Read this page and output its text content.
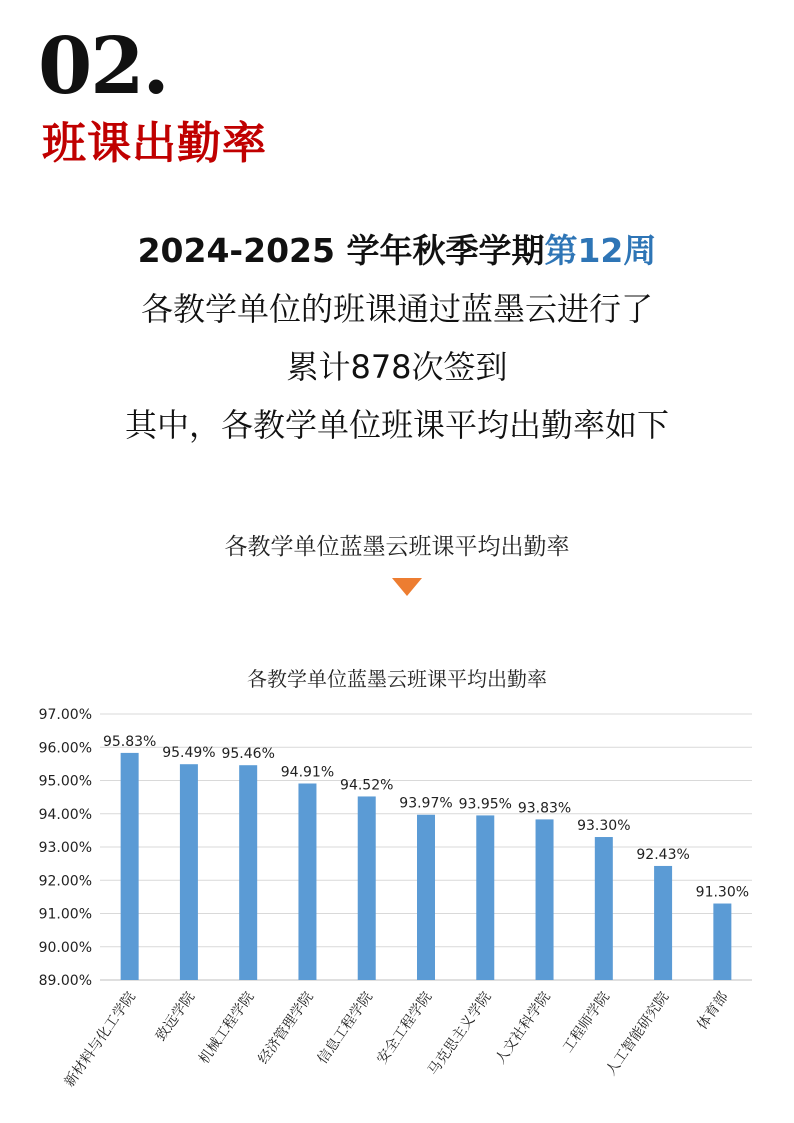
02.
班课出勤率
2024-2025 学年秋季学期第12周
各教学单位的班课通过蓝墨云进行了
累计878次签到
其中，各教学单位班课平均出勤率如下
各教学单位蓝墨云班课平均出勤率
各教学单位蓝墨云班课平均出勤率
97.00%
96.00%
95.00%
94.00%
93.00%
92.00%
91.00%
90.00%
89.00%
95.83%
95.49% 95.46%
94.91%
94.52%
93.97% 93.95% 93.83%
93.30%
92.43%
91.30%
新材料与化工学院 致远学院
机械工程学院
经济管理学院
信息工程学院
安全工程学院
马克思主义学院
人文社科学院 工程师学院
人工智能研究院 体育部
